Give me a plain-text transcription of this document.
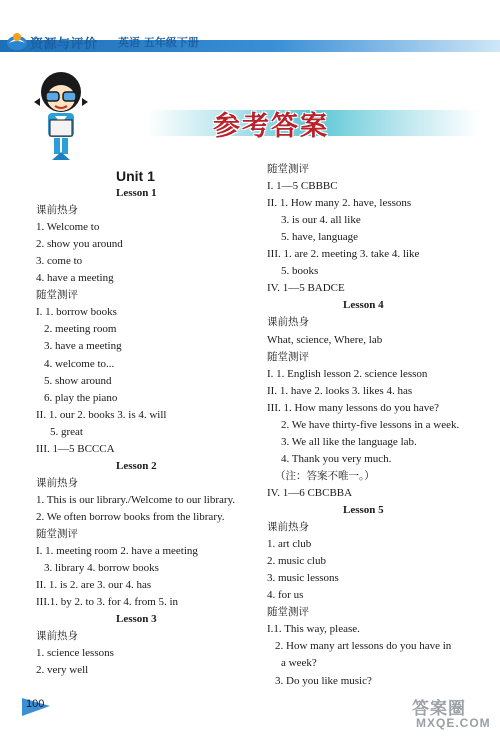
资源与评价 英语 五年级下册
参考答案
Unit 1
Lesson 1
课前热身
1. Welcome to
2. show you around
3. come to
4. have a meeting
随堂测评
I. 1. borrow books
2. meeting room
3. have a meeting
4. welcome to...
5. show around
6. play the piano
II. 1. our 2. books 3. is 4. will
5. great
III. 1—5 BCCCA
Lesson 2
课前热身
1. This is our library./Welcome to our library.
2. We often borrow books from the library.
随堂测评
I. 1. meeting room 2. have a meeting
3. library 4. borrow books
II. 1. is 2. are 3. our 4. has
III.1. by 2. to 3. for 4. from 5. in
Lesson 3
课前热身
1. science lessons
2. very well
随堂测评
I. 1—5 CBBBC
II. 1. How many 2. have, lessons
3. is our 4. all like
5. have, language
III. 1. are 2. meeting 3. take 4. like
5. books
IV. 1—5 BADCE
Lesson 4
课前热身
What, science, Where, lab
随堂测评
I. 1. English lesson 2. science lesson
II. 1. have 2. looks 3. likes 4. has
III. 1. How many lessons do you have?
2. We have thirty-five lessons in a week.
3. We all like the language lab.
4. Thank you very much.
（注：答案不唯一。）
IV. 1—6 CBCBBA
Lesson 5
课前热身
1. art club
2. music club
3. music lessons
4. for us
随堂测评
I.1. This way, please.
2. How many art lessons do you have in
a week?
3. Do you like music?
100	答案圈
MXQE.COM
